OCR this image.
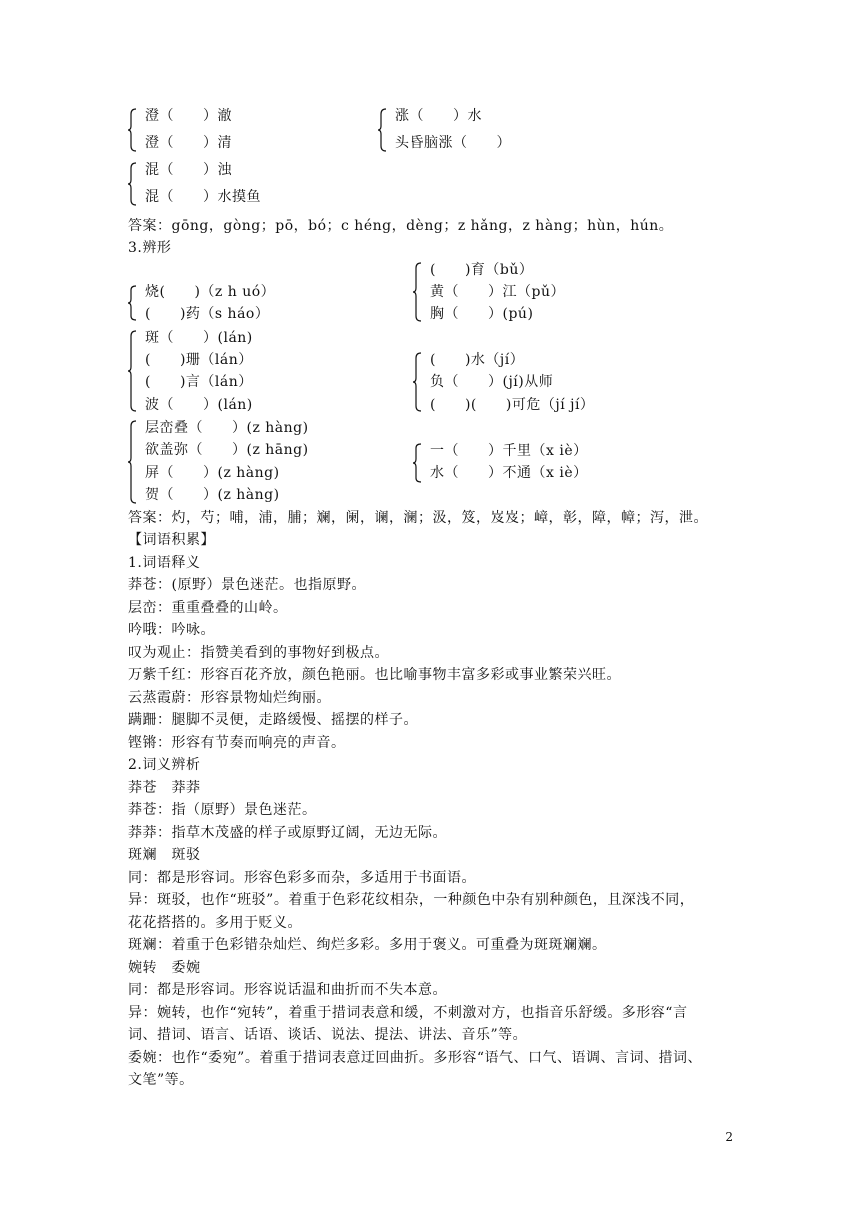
澄（　　）澈
澄（　　）清
涨（　　）水
头昏脑涨（　　）
混（　　）浊
混（　　）水摸鱼
答案：gōng，gòng；pō，bó；c héng，dèng；z hǎng，z hàng；hùn，hún。
3.辨形
烧(　　)（z h uó）
(　　)药（s háo）
(　　)育（bǔ）
黄（　　）江（pǔ）
胸（　　）(pú)
斑（　　）(lán)
(　　)珊（lán）
(　　)言（lán）
波（　　）(lán)
(　　)水（jí）
负（　　）(jí)从师
(　　)(　　)可危（jí jí）
层峦叠（　　）(z hàng)
欲盖弥（　　）(z hāng)
屏（　　）(z hàng)
贺（　　）(z hàng)
一（　　）千里（x iè）
水（　　）不通（x iè）
答案：灼，芍；哺，浦，脯；斓，阑，谰，澜；汲，笈，岌岌；嶂，彰，障，幛；泻，泄。
【词语积累】
1.词语释义
莽苍：(原野）景色迷茫。也指原野。
层峦：重重叠叠的山岭。
吟哦：吟咏。
叹为观止：指赞美看到的事物好到极点。
万紫千红：形容百花齐放，颜色艳丽。也比喻事物丰富多彩或事业繁荣兴旺。
云蒸霞蔚：形容景物灿烂绚丽。
蹒跚：腿脚不灵便，走路缓慢、摇摆的样子。
铿锵：形容有节奏而响亮的声音。
2.词义辨析
莽苍　莽莽
莽苍：指（原野）景色迷茫。
莽莽：指草木茂盛的样子或原野辽阔，无边无际。
斑斓　斑驳
同：都是形容词。形容色彩多而杂，多适用于书面语。
异：斑驳，也作“班驳”。着重于色彩花纹相杂，一种颜色中杂有别种颜色，且深浅不同，
花花搭搭的。多用于贬义。
斑斓：着重于色彩错杂灿烂、绚烂多彩。多用于褒义。可重叠为斑斑斓斓。
婉转　委婉
同：都是形容词。形容说话温和曲折而不失本意。
异：婉转，也作“宛转”，着重于措词表意和缓，不刺激对方，也指音乐舒缓。多形容“言
词、措词、语言、话语、谈话、说法、提法、讲法、音乐”等。
委婉：也作“委宛”。着重于措词表意迂回曲折。多形容“语气、口气、语调、言词、措词、
文笔”等。
2
